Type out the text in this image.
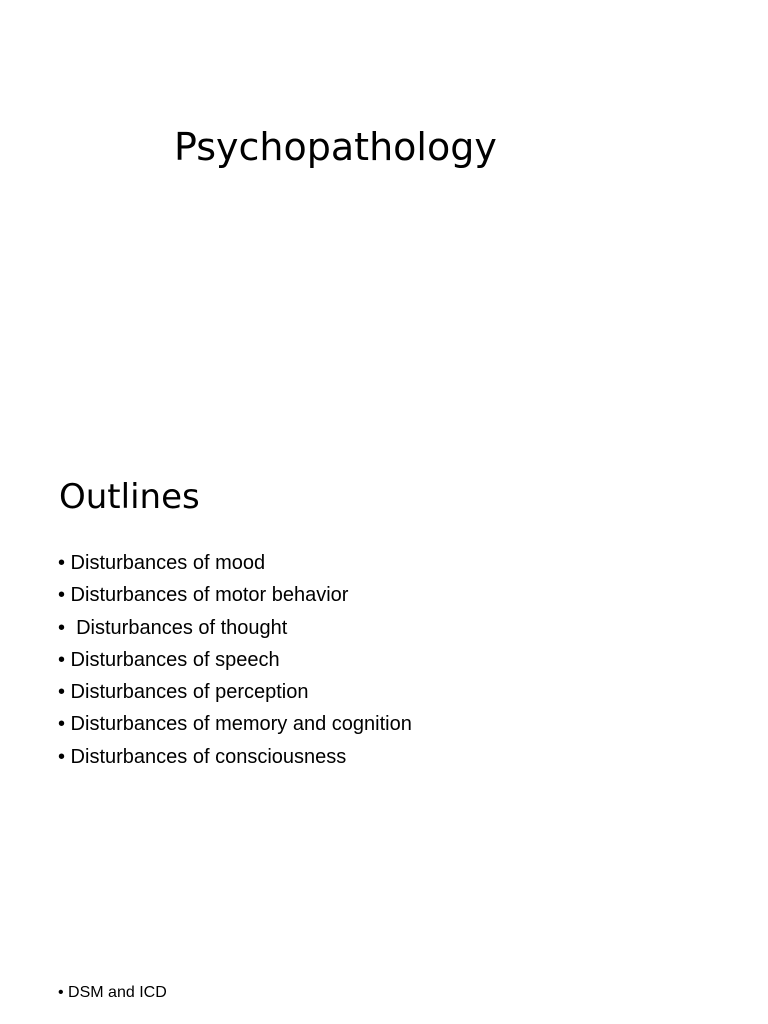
Psychopathology
Outlines
• Disturbances of mood
• Disturbances of motor behavior
•  Disturbances of thought
• Disturbances of speech
• Disturbances of perception
• Disturbances of memory and cognition
• Disturbances of consciousness
• DSM and ICD
